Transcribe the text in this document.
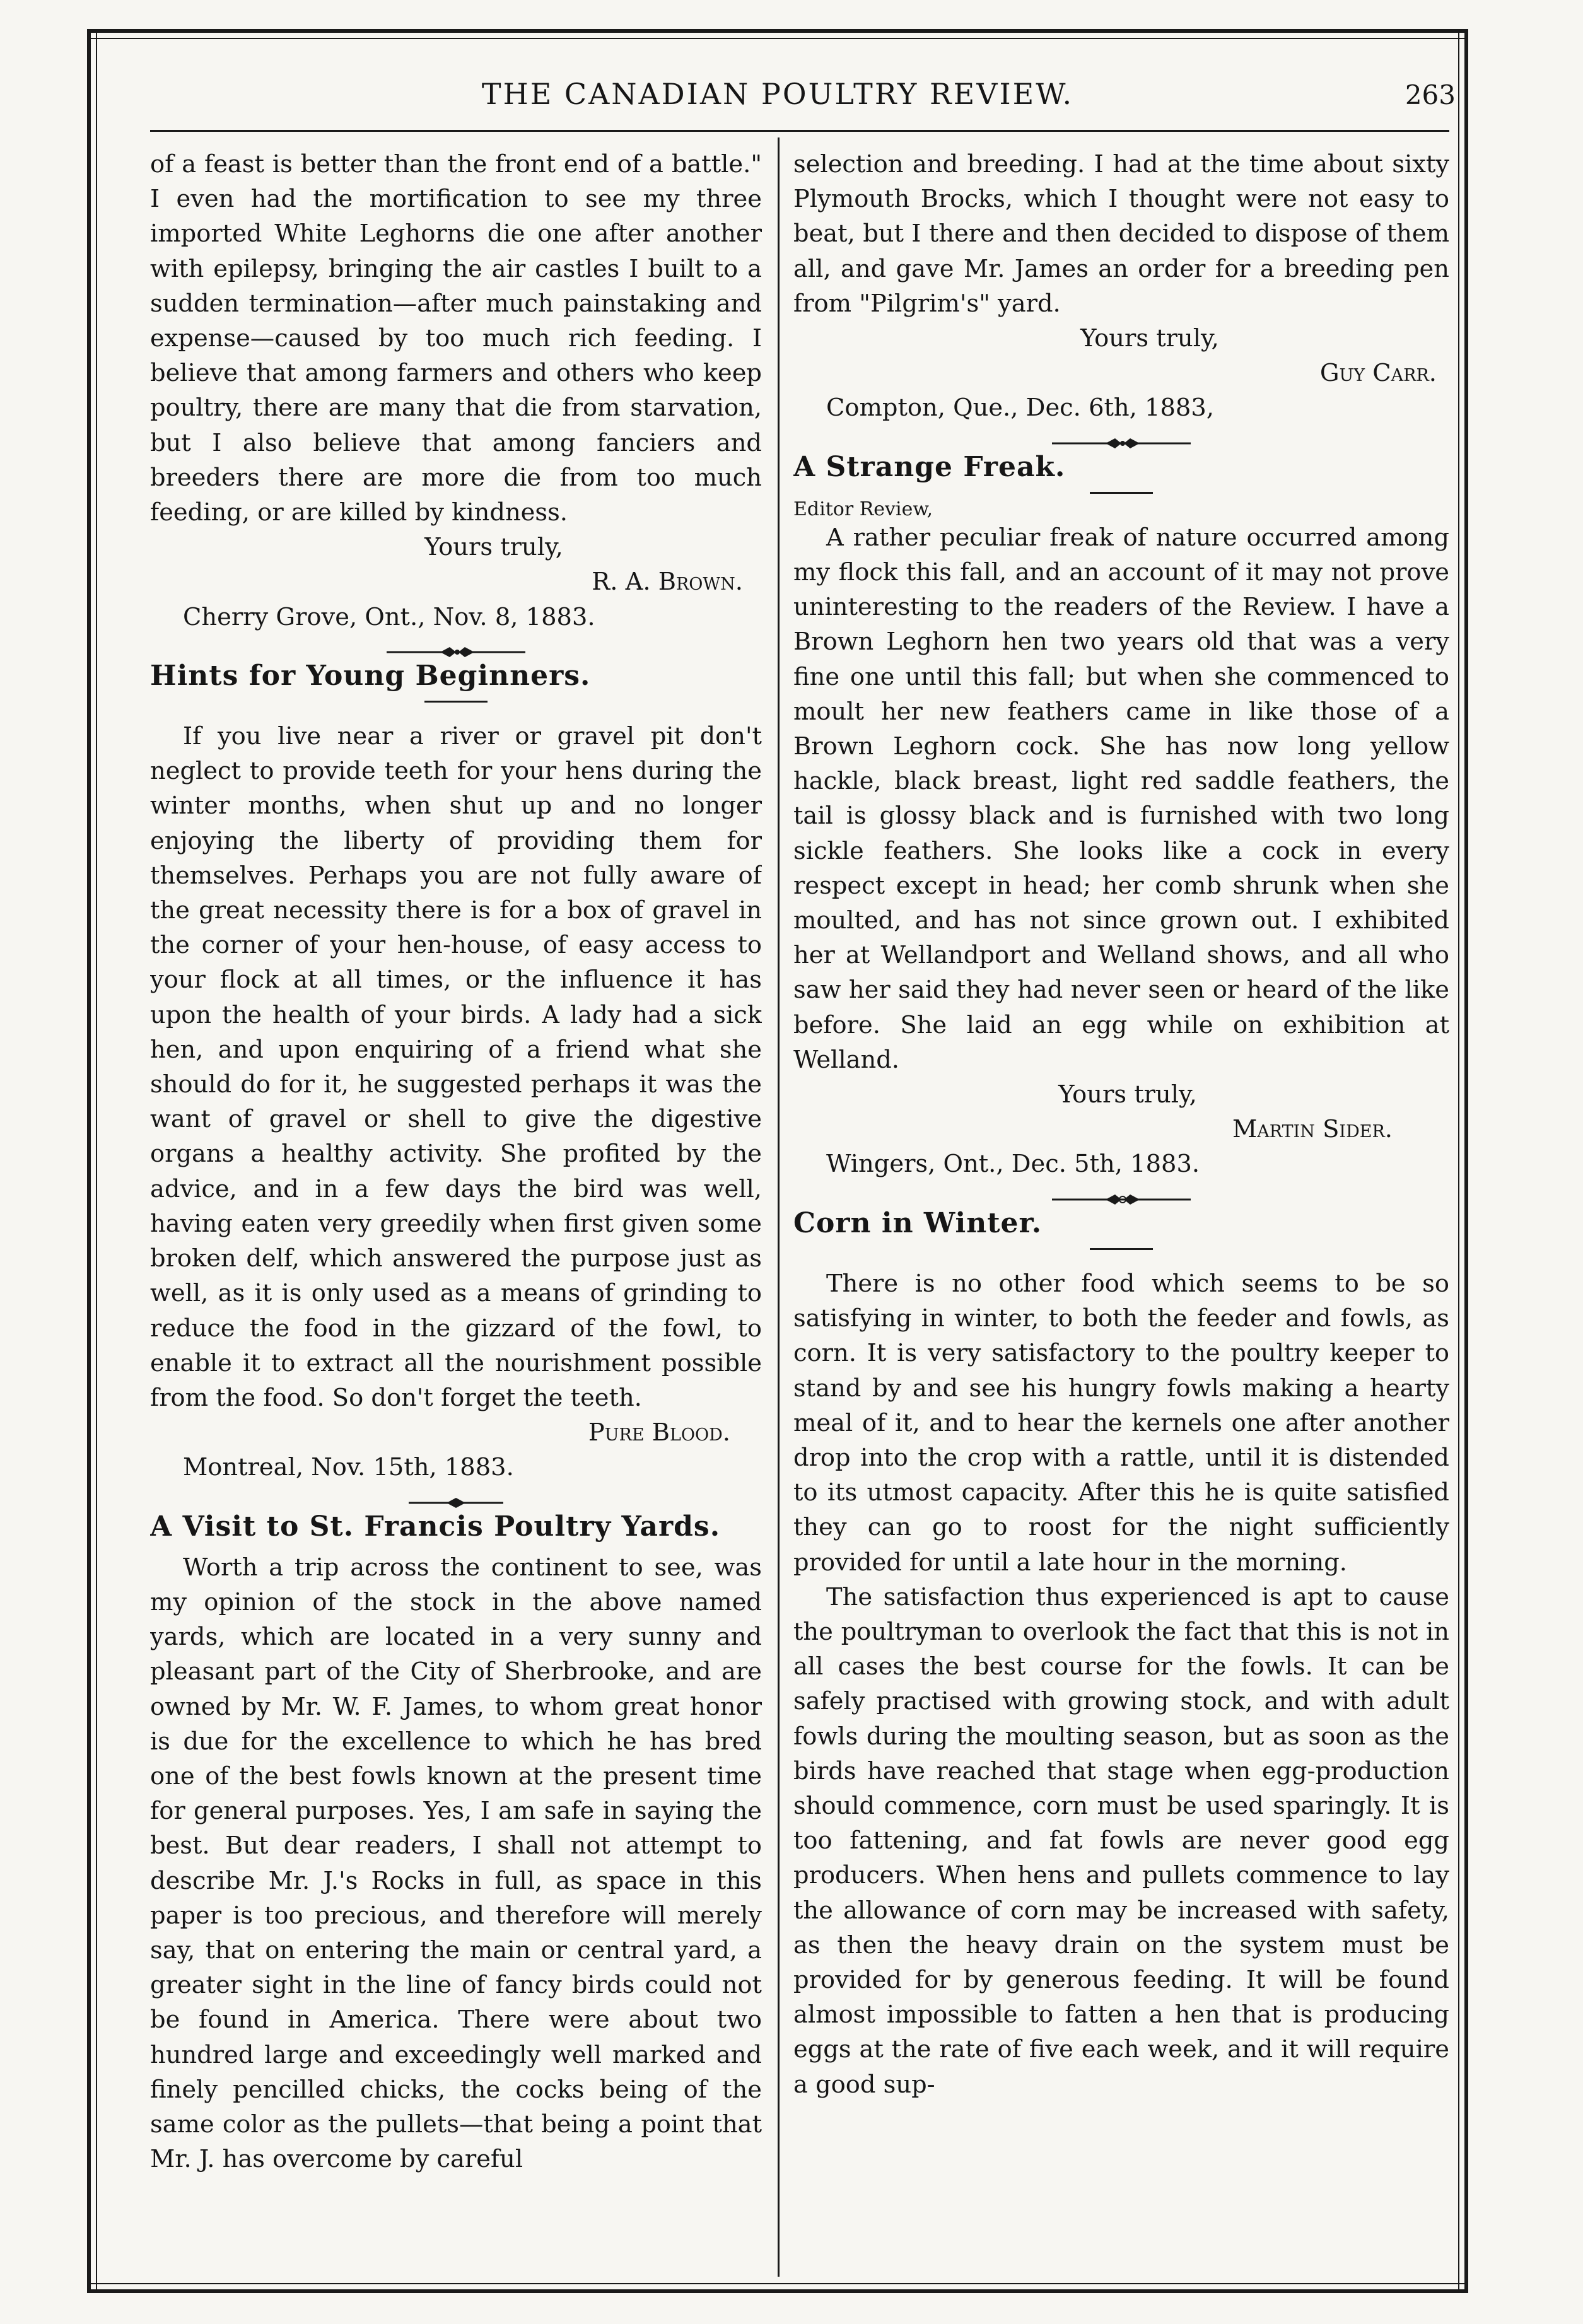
THE CANADIAN POULTRY REVIEW.	263

of a feast is better than the front end of a battle." I even had the mortification to see my three imported White Leghorns die one after another with epilepsy, bringing the air castles I built to a sudden termination—after much painstaking and expense—caused by too much rich feeding. I believe that among farmers and others who keep poultry, there are many that die from starvation, but I also believe that among fanciers and breeders there are more die from too much feeding, or are killed by kindness.

Yours truly,

R. A. Brown.

Cherry Grove, Ont., Nov. 8, 1883.

Hints for Young Beginners.

If you live near a river or gravel pit don't neglect to provide teeth for your hens during the winter months, when shut up and no longer enjoying the liberty of providing them for themselves. Perhaps you are not fully aware of the great necessity there is for a box of gravel in the corner of your hen-house, of easy access to your flock at all times, or the influence it has upon the health of your birds. A lady had a sick hen, and upon enquiring of a friend what she should do for it, he suggested perhaps it was the want of gravel or shell to give the digestive organs a healthy activity. She profited by the advice, and in a few days the bird was well, having eaten very greedily when first given some broken delf, which answered the purpose just as well, as it is only used as a means of grinding to reduce the food in the gizzard of the fowl, to enable it to extract all the nourishment possible from the food. So don't forget the teeth.

Pure Blood.

Montreal, Nov. 15th, 1883.

A Visit to St. Francis Poultry Yards.

Worth a trip across the continent to see, was my opinion of the stock in the above named yards, which are located in a very sunny and pleasant part of the City of Sherbrooke, and are owned by Mr. W. F. James, to whom great honor is due for the excellence to which he has bred one of the best fowls known at the present time for general purposes. Yes, I am safe in saying the best. But dear readers, I shall not attempt to describe Mr. J.'s Rocks in full, as space in this paper is too precious, and therefore will merely say, that on entering the main or central yard, a greater sight in the line of fancy birds could not be found in America. There were about two hundred large and exceedingly well marked and finely pencilled chicks, the cocks being of the same color as the pullets—that being a point that Mr. J. has overcome by careful

selection and breeding. I had at the time about sixty Plymouth Brocks, which I thought were not easy to beat, but I there and then decided to dispose of them all, and gave Mr. James an order for a breeding pen from "Pilgrim's" yard.

Yours truly,

Guy Carr.

Compton, Que., Dec. 6th, 1883,

A Strange Freak.

Editor Review,

A rather peculiar freak of nature occurred among my flock this fall, and an account of it may not prove uninteresting to the readers of the Review. I have a Brown Leghorn hen two years old that was a very fine one until this fall; but when she commenced to moult her new feathers came in like those of a Brown Leghorn cock. She has now long yellow hackle, black breast, light red saddle feathers, the tail is glossy black and is furnished with two long sickle feathers. She looks like a cock in every respect except in head; her comb shrunk when she moulted, and has not since grown out. I exhibited her at Wellandport and Welland shows, and all who saw her said they had never seen or heard of the like before. She laid an egg while on exhibition at Welland.

Yours truly,

Martin Sider.

Wingers, Ont., Dec. 5th, 1883.

Corn in Winter.

There is no other food which seems to be so satisfying in winter, to both the feeder and fowls, as corn. It is very satisfactory to the poultry keeper to stand by and see his hungry fowls making a hearty meal of it, and to hear the kernels one after another drop into the crop with a rattle, until it is distended to its utmost capacity. After this he is quite satisfied they can go to roost for the night sufficiently provided for until a late hour in the morning.

The satisfaction thus experienced is apt to cause the poultryman to overlook the fact that this is not in all cases the best course for the fowls. It can be safely practised with growing stock, and with adult fowls during the moulting season, but as soon as the birds have reached that stage when egg-production should commence, corn must be used sparingly. It is too fattening, and fat fowls are never good egg producers. When hens and pullets commence to lay the allowance of corn may be increased with safety, as then the heavy drain on the system must be provided for by generous feeding. It will be found almost impossible to fatten a hen that is producing eggs at the rate of five each week, and it will require a good sup-
